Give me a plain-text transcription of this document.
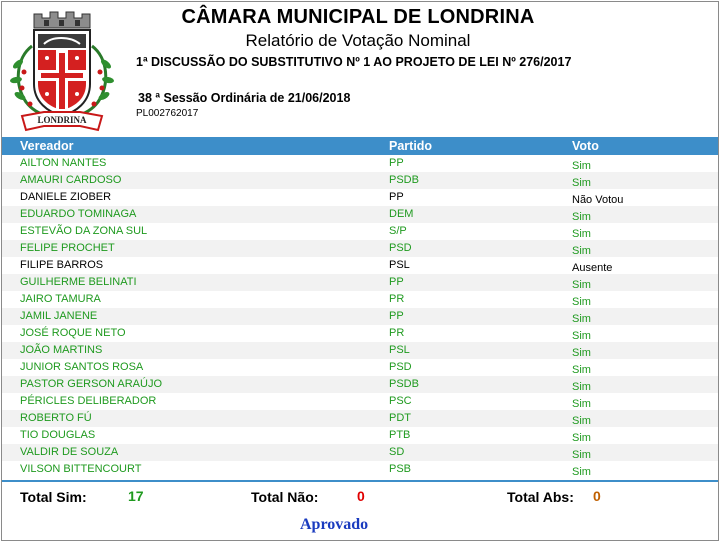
LONDRINA
CÂMARA MUNICIPAL DE LONDRINA
Relatório de Votação Nominal
1ª DISCUSSÃO DO SUBSTITUTIVO Nº 1 AO PROJETO DE LEI Nº 276/2017
38 ª Sessão Ordinária de 21/06/2018
PL002762017
Vereador	Partido	Voto
AILTON NANTES	PP	Sim
AMAURI CARDOSO	PSDB	Sim
DANIELE ZIOBER	PP	Não Votou
EDUARDO TOMINAGA	DEM	Sim
ESTEVÃO DA ZONA SUL	S/P	Sim
FELIPE PROCHET	PSD	Sim
FILIPE BARROS	PSL	Ausente
GUILHERME BELINATI	PP	Sim
JAIRO TAMURA	PR	Sim
JAMIL JANENE	PP	Sim
JOSÉ ROQUE NETO	PR	Sim
JOÃO MARTINS	PSL	Sim
JUNIOR SANTOS ROSA	PSD	Sim
PASTOR GERSON ARAÚJO	PSDB	Sim
PÉRICLES DELIBERADOR	PSC	Sim
ROBERTO FÚ	PDT	Sim
TIO DOUGLAS	PTB	Sim
VALDIR DE SOUZA	SD	Sim
VILSON BITTENCOURT	PSB	Sim
Total Sim:	17	Total Não:	0	Total Abs: 0
Aprovado
